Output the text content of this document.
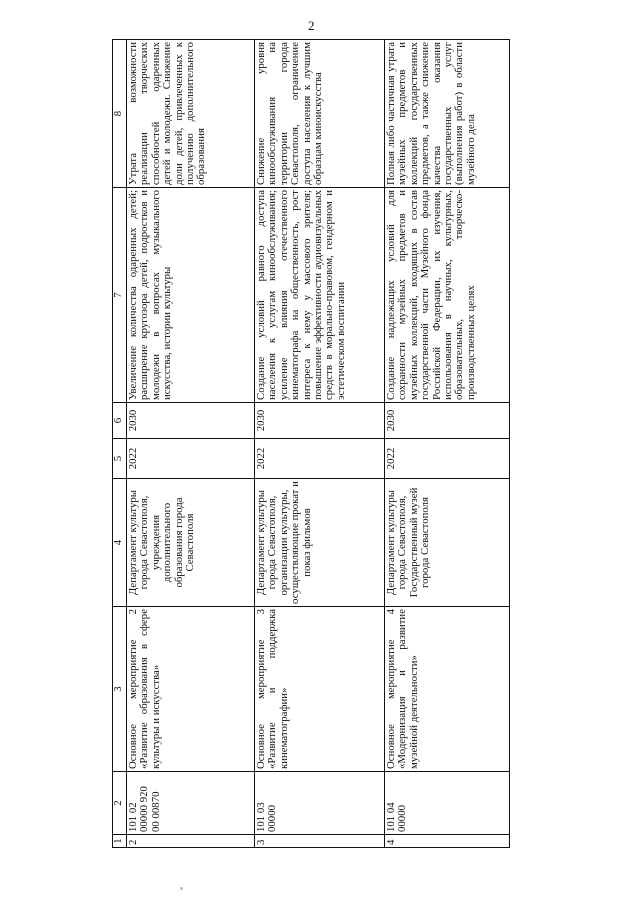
2
1	2	3	4	5	6	7	8
2	101 02 00000 920 00 00870	Основное мероприятие 2 «Развитие образования в сфере культуры и искусства»	Департамент культуры города Севастополя, учреждения дополнительного образования города Севастополя	2022	2030	Увеличение количества одаренных детей; расширение кругозора детей, подростков и молодежи в вопросах музыкального искусства, истории культуры	Утрата возможности реализации творческих способностей одаренных детей и молодежи. Снижение доли детей, привлеченных к получению дополнительного образования
3	101 03 00000	Основное мероприятие 3 «Развитие и поддержка кинематографии»	Департамент культуры города Севастополя, организации культуры, осуществляющие прокат и показ фильмов	2022	2030	Создание условий равного доступа населения к услугам кинообслуживания; усиление влияния отечественного кинематографа на общественность, рост интереса к нему у массового зрителя; повышение эффективности аудиовизуальных средств в морально-правовом, гендерном и эстетическом воспитании	Снижение уровня кинообслуживания на территории города Севастополя, ограничение доступа населения к лучшим образцам киноискусства
4	101 04 00000	Основное мероприятие 4 «Модернизация и развитие музейной деятельности»	Департамент культуры города Севастополя, Государственный музей города Севастополя	2022	2030	Создание надлежащих условий для сохранности музейных предметов и музейных коллекций, входящих в состав государственной части Музейного фонда Российской Федерации, их изучения, использования в научных, культурных, образовательных, творческо-производственных целях	Полная либо частичная утрата музейных предметов и коллекций государственных предметов, а также снижение качества оказания государственных услуг (выполнения работ) в области музейного дела
